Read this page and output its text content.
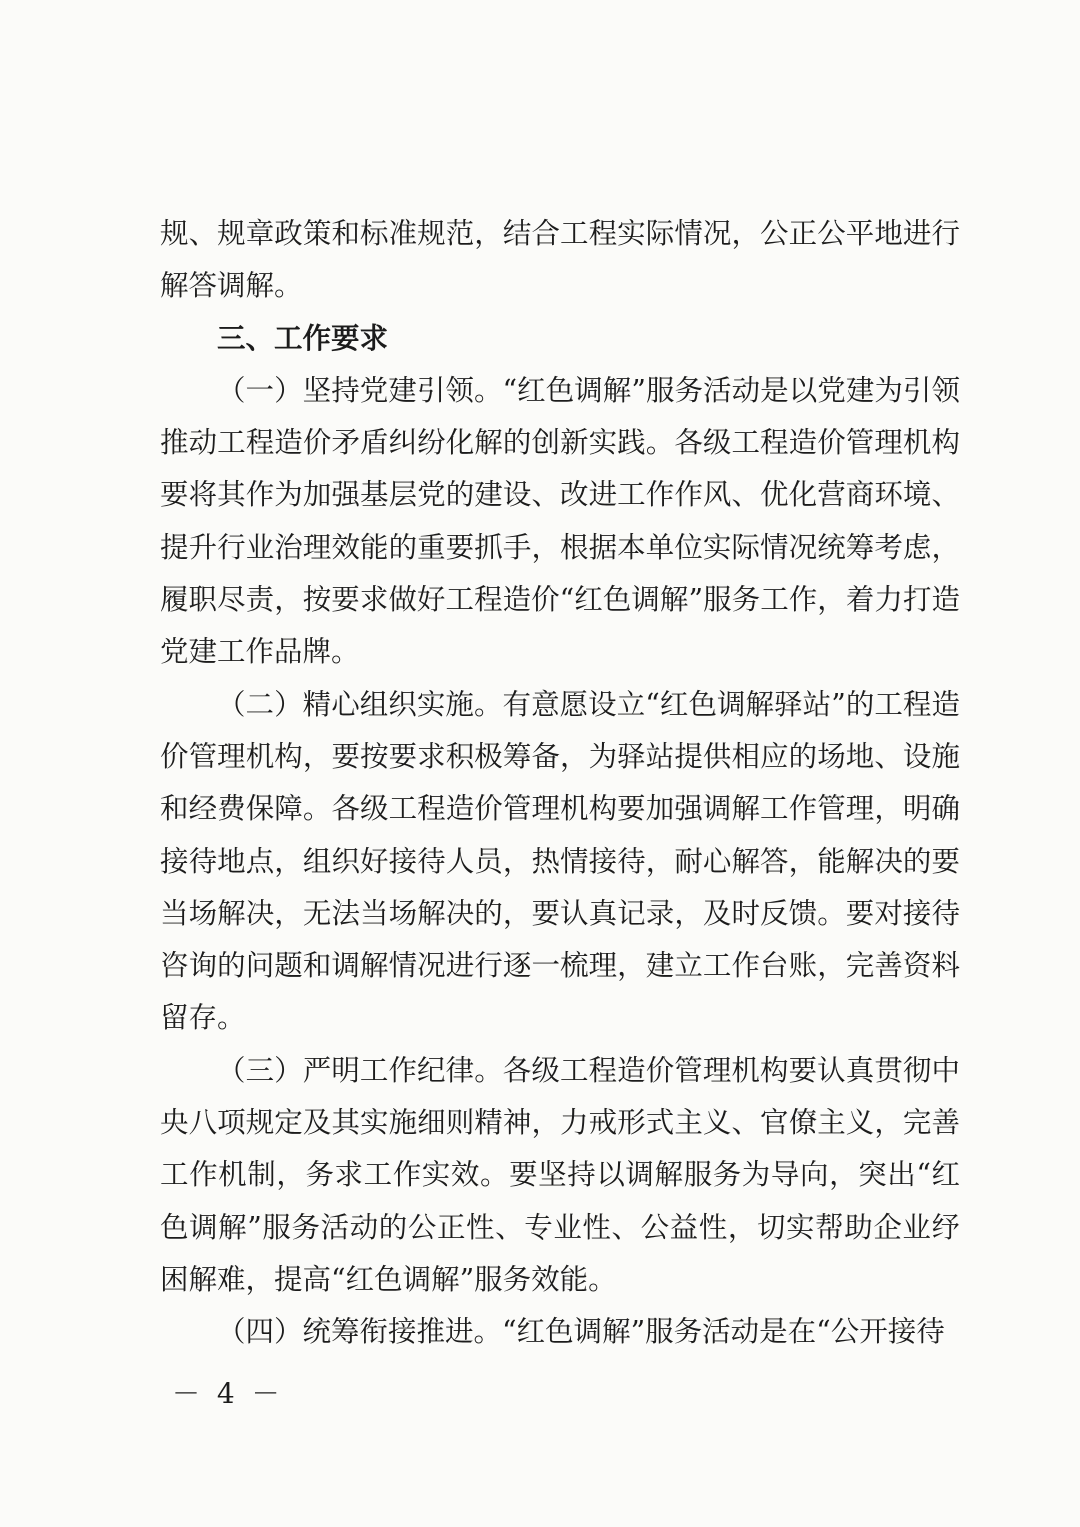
规、规章政策和标准规范，结合工程实际情况，公正公平地进行解答调解。

三、工作要求

（一）坚持党建引领。“红色调解”服务活动是以党建为引领推动工程造价矛盾纠纷化解的创新实践。各级工程造价管理机构要将其作为加强基层党的建设、改进工作作风、优化营商环境、提升行业治理效能的重要抓手，根据本单位实际情况统筹考虑，履职尽责，按要求做好工程造价“红色调解”服务工作，着力打造党建工作品牌。

（二）精心组织实施。有意愿设立“红色调解驿站”的工程造价管理机构，要按要求积极筹备，为驿站提供相应的场地、设施和经费保障。各级工程造价管理机构要加强调解工作管理，明确接待地点，组织好接待人员，热情接待，耐心解答，能解决的要当场解决，无法当场解决的，要认真记录，及时反馈。要对接待咨询的问题和调解情况进行逐一梳理，建立工作台账，完善资料留存。

（三）严明工作纪律。各级工程造价管理机构要认真贯彻中央八项规定及其实施细则精神，力戒形式主义、官僚主义，完善工作机制，务求工作实效。要坚持以调解服务为导向，突出“红色调解”服务活动的公正性、专业性、公益性，切实帮助企业纾困解难，提高“红色调解”服务效能。

（四）统筹衔接推进。“红色调解”服务活动是在“公开接待

－ 4 －
